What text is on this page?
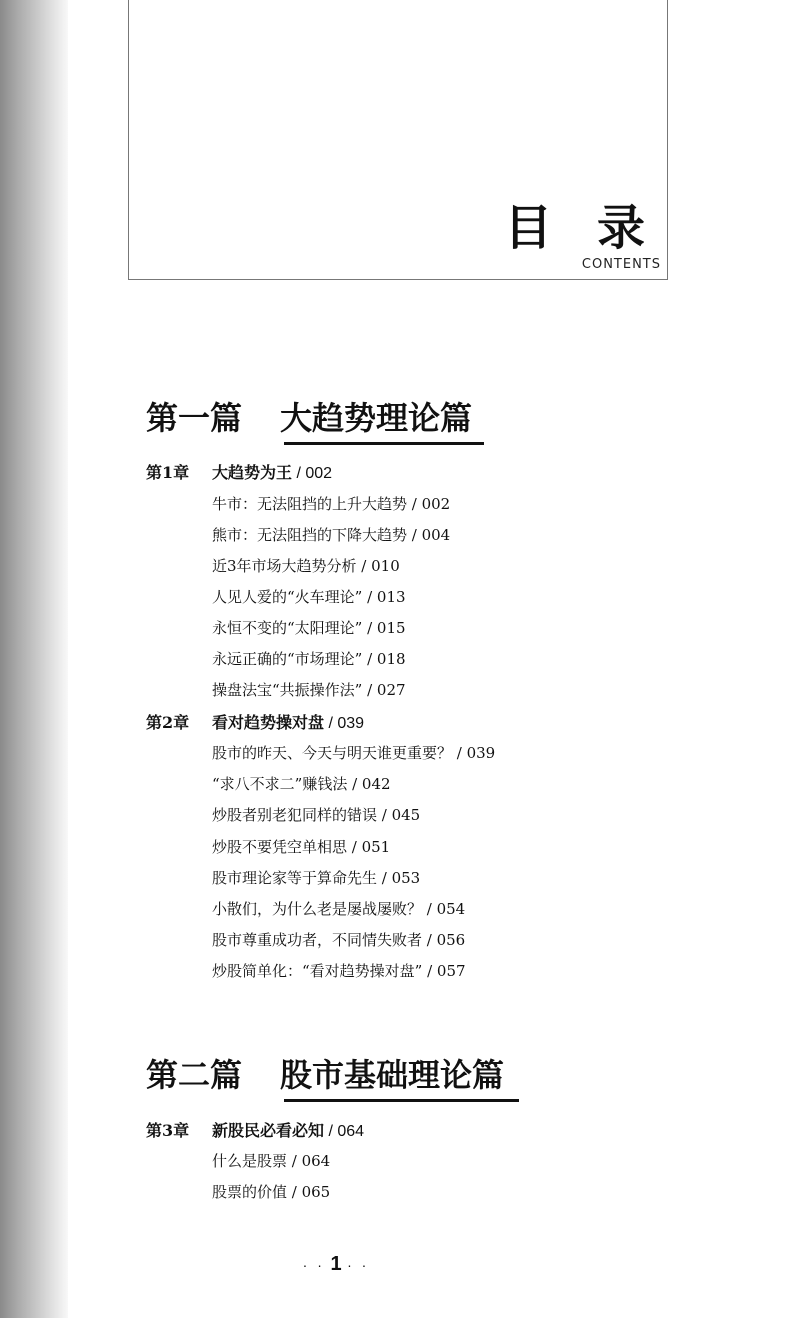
目 录
CONTENTS
第一篇 大趋势理论篇
第1章 大趋势为王 / 002
牛市：无法阻挡的上升大趋势 / 002
熊市：无法阻挡的下降大趋势 / 004
近3年市场大趋势分析 / 010
人见人爱的“火车理论” / 013
永恒不变的“太阳理论” / 015
永远正确的“市场理论” / 018
操盘法宝“共振操作法” / 027
第2章 看对趋势操对盘 / 039
股市的昨天、今天与明天谁更重要？ / 039
“求八不求二”赚钱法 / 042
炒股者别老犯同样的错误 / 045
炒股不要凭空单相思 / 051
股市理论家等于算命先生 / 053
小散们，为什么老是屡战屡败？ / 054
股市尊重成功者，不同情失败者 / 056
炒股简单化：“看对趋势操对盘” / 057
第二篇 股市基础理论篇
第3章 新股民必看必知 / 064
什么是股票 / 064
股票的价值 / 065
· · 1 · ·
